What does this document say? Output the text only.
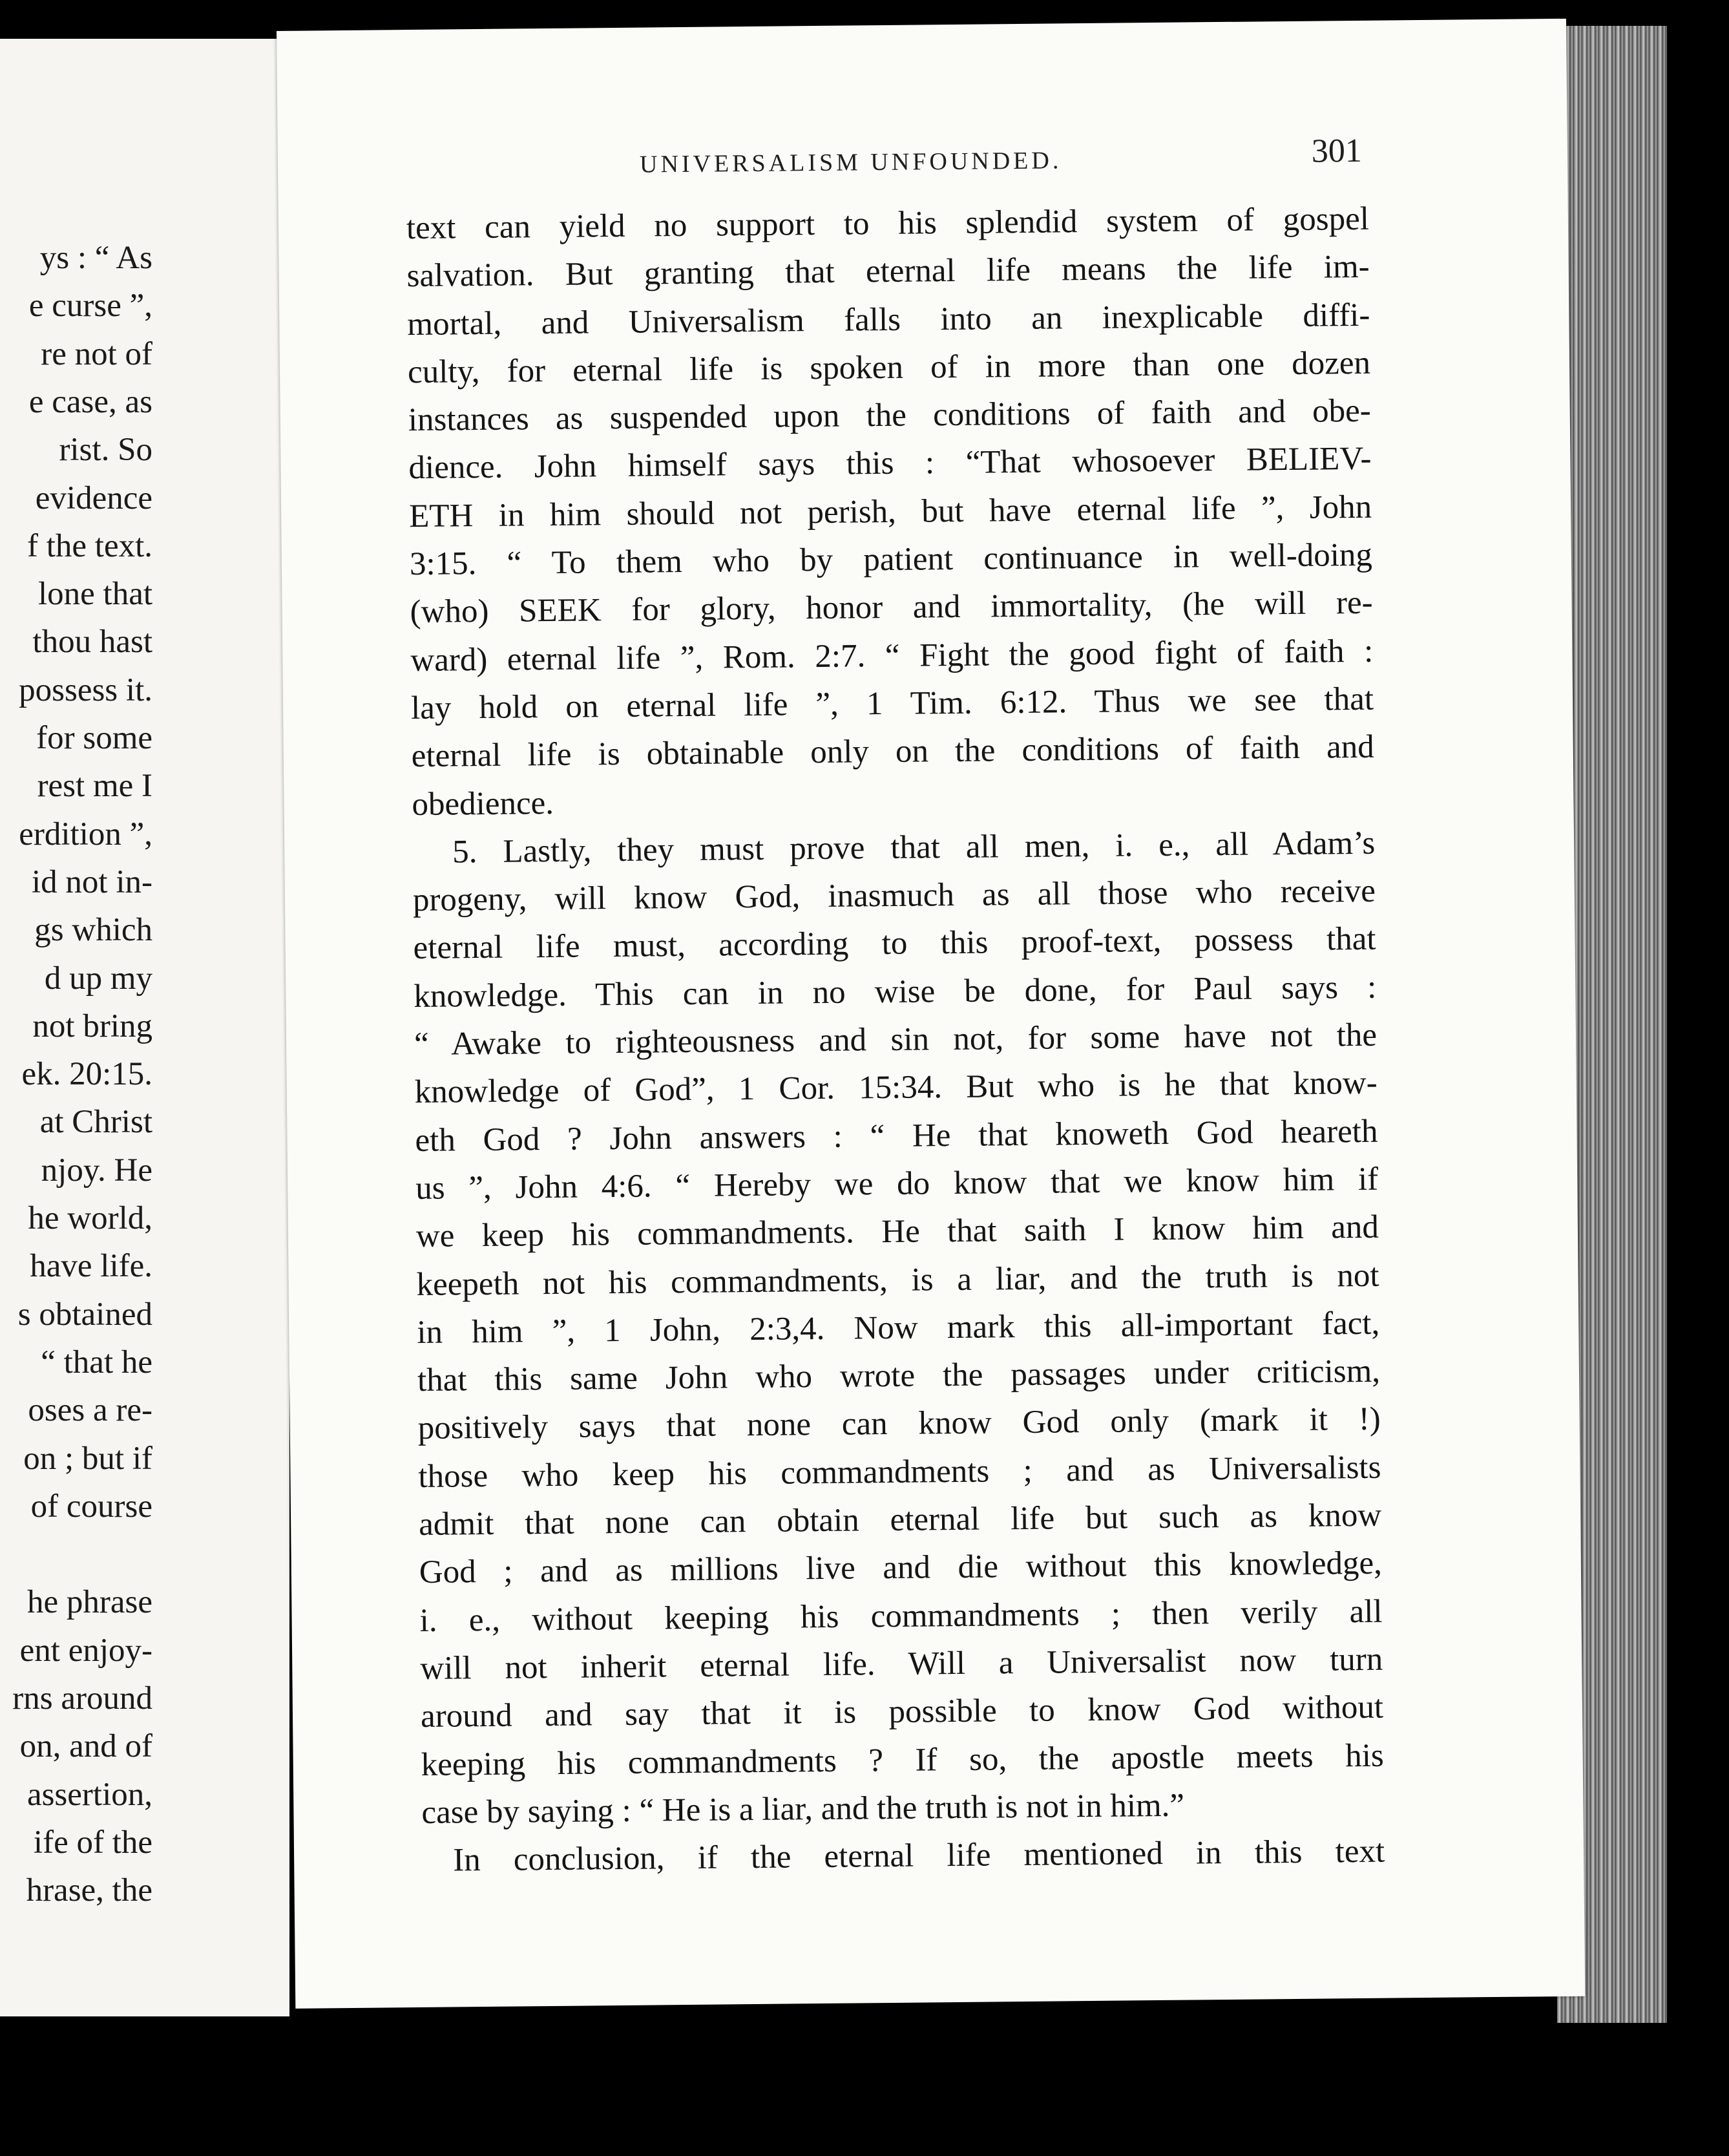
ys : “ As
e curse ”,
re not of
e case, as
rist. So
evidence
f the text.
lone that
thou hast
possess it.
for some
rest me I
erdition ”,
id not in-
gs which
d up my
not bring
ek. 20:15.
at Christ
njoy. He
he world,
have life.
s obtained
“ that he
oses a re-
on ; but if
of course
he phrase
ent enjoy-
rns around
on, and of
assertion,
ife of the
hrase, the
UNIVERSALISM UNFOUNDED.	301
text can yield no support to his splendid system of gospel
salvation. But granting that eternal life means the life im-
mortal, and Universalism falls into an inexplicable diffi-
culty, for eternal life is spoken of in more than one dozen
instances as suspended upon the conditions of faith and obe-
dience. John himself says this : “That whosoever BELIEV-
ETH in him should not perish, but have eternal life ”, John
3:15. “ To them who by patient continuance in well-doing
(who) SEEK for glory, honor and immortality, (he will re-
ward) eternal life ”, Rom. 2:7. “ Fight the good fight of faith :
lay hold on eternal life ”, 1 Tim. 6:12. Thus we see that
eternal life is obtainable only on the conditions of faith and
obedience.
5. Lastly, they must prove that all men, i. e., all Adam’s
progeny, will know God, inasmuch as all those who receive
eternal life must, according to this proof-text, possess that
knowledge. This can in no wise be done, for Paul says :
“ Awake to righteousness and sin not, for some have not the
knowledge of God”, 1 Cor. 15:34. But who is he that know-
eth God ? John answers : “ He that knoweth God heareth
us ”, John 4:6. “ Hereby we do know that we know him if
we keep his commandments. He that saith I know him and
keepeth not his commandments, is a liar, and the truth is not
in him ”, 1 John, 2:3,4. Now mark this all-important fact,
that this same John who wrote the passages under criticism,
positively says that none can know God only (mark it !)
those who keep his commandments ; and as Universalists
admit that none can obtain eternal life but such as know
God ; and as millions live and die without this knowledge,
i. e., without keeping his commandments ; then verily all
will not inherit eternal life. Will a Universalist now turn
around and say that it is possible to know God without
keeping his commandments ? If so, the apostle meets his
case by saying : “ He is a liar, and the truth is not in him.”
In conclusion, if the eternal life mentioned in this text
